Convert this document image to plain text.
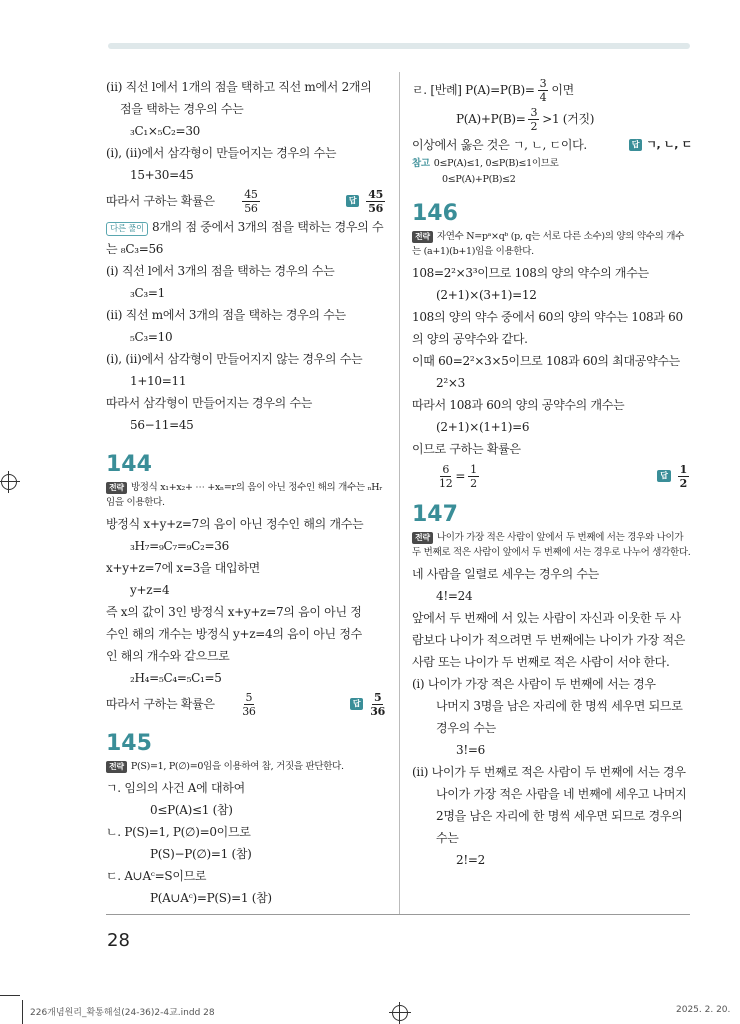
(ⅱ) 직선 l에서 1개의 점을 택하고 직선 m에서 2개의
점을 택하는 경우의 수는
₃C₁×₅C₂=30
(ⅰ), (ⅱ)에서 삼각형이 만들어지는 경우의 수는
15+30=45
따라서 구하는 확률은	$\frac{45}{56}$	답 $\frac{45}{56}$
다른 풀이 8개의 점 중에서 3개의 점을 택하는 경우의 수
는 ₈C₃=56
(ⅰ) 직선 l에서 3개의 점을 택하는 경우의 수는
₃C₃=1
(ⅱ) 직선 m에서 3개의 점을 택하는 경우의 수는
₅C₃=10
(ⅰ), (ⅱ)에서 삼각형이 만들어지지 않는 경우의 수는
1+10=11
따라서 삼각형이 만들어지는 경우의 수는
56−11=45
144
전략 방정식 x₁+x₂+ ⋯ +xₙ=r의 음이 아닌 정수인 해의 개수는 ₙHᵣ임을 이용한다.
방정식 x+y+z=7의 음이 아닌 정수인 해의 개수는
₃H₇=₉C₇=₉C₂=36
x+y+z=7에 x=3을 대입하면
y+z=4
즉 x의 값이 3인 방정식 x+y+z=7의 음이 아닌 정
수인 해의 개수는 방정식 y+z=4의 음이 아닌 정수
인 해의 개수와 같으므로
₂H₄=₅C₄=₅C₁=5
따라서 구하는 확률은	$\frac{5}{36}$	답 $\frac{5}{36}$
145
전략 P(S)=1, P(∅)=0임을 이용하여 참, 거짓을 판단한다.
ㄱ. 임의의 사건 A에 대하여
0≤P(A)≤1 (참)
ㄴ. P(S)=1, P(∅)=0이므로
P(S)−P(∅)=1 (참)
ㄷ. A∪Aᶜ=S이므로
P(A∪Aᶜ)=P(S)=1 (참)
ㄹ. [반례] $P(A)=P(B)= \frac{3}{4}$ 이면
$P(A)+P(B)= \frac{3}{2} >1$ (거짓)
이상에서 옳은 것은 ㄱ, ㄴ, ㄷ이다.	답 ㄱ, ㄴ, ㄷ
참고 0≤P(A)≤1, 0≤P(B)≤1이므로
0≤P(A)+P(B)≤2
146
전략 자연수 N=pᵃ×qᵇ (p, q는 서로 다른 소수)의 양의 약수의 개수는 (a+1)(b+1)임을 이용한다.
108=2²×3³이므로 108의 양의 약수의 개수는
(2+1)×(3+1)=12
108의 양의 약수 중에서 60의 양의 약수는 108과 60
의 양의 공약수와 같다.
이때 60=2²×3×5이므로 108과 60의 최대공약수는
2²×3
따라서 108과 60의 양의 공약수의 개수는
(2+1)×(1+1)=6
이므로 구하는 확률은
$\frac{6}{12} = \frac{1}{2}$	답 $\frac{1}{2}$
147
전략 나이가 가장 적은 사람이 앞에서 두 번째에 서는 경우와 나이가 두 번째로 적은 사람이 앞에서 두 번째에 서는 경우로 나누어 생각한다.
네 사람을 일렬로 세우는 경우의 수는
4!=24
앞에서 두 번째에 서 있는 사람이 자신과 이웃한 두 사
람보다 나이가 적으려면 두 번째에는 나이가 가장 적은
사람 또는 나이가 두 번째로 적은 사람이 서야 한다.
(ⅰ) 나이가 가장 적은 사람이 두 번째에 서는 경우
나머지 3명을 남은 자리에 한 명씩 세우면 되므로
경우의 수는
3!=6
(ⅱ) 나이가 두 번째로 적은 사람이 두 번째에 서는 경우
나이가 가장 적은 사람을 네 번째에 세우고 나머지
2명을 남은 자리에 한 명씩 세우면 되므로 경우의
수는
2!=2
28
226개념원리_확통해설(24-36)2-4교.indd 28	2025. 2. 20.
